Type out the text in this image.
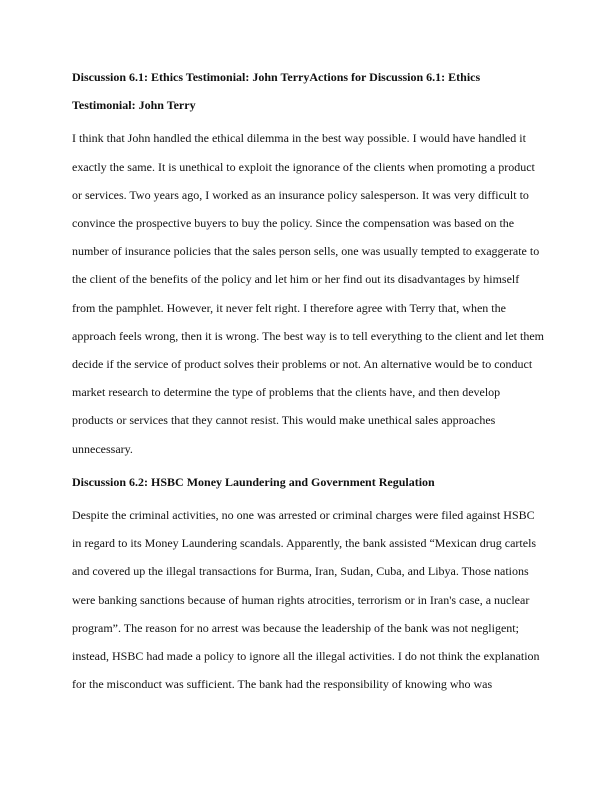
Discussion 6.1: Ethics Testimonial: John TerryActions for Discussion 6.1: Ethics Testimonial: John Terry

I think that John handled the ethical dilemma in the best way possible. I would have handled it exactly the same. It is unethical to exploit the ignorance of the clients when promoting a product or services. Two years ago, I worked as an insurance policy salesperson. It was very difficult to convince the prospective buyers to buy the policy. Since the compensation was based on the number of insurance policies that the sales person sells, one was usually tempted to exaggerate to the client of the benefits of the policy and let him or her find out its disadvantages by himself from the pamphlet. However, it never felt right. I therefore agree with Terry that, when the approach feels wrong, then it is wrong. The best way is to tell everything to the client and let them decide if the service of product solves their problems or not. An alternative would be to conduct market research to determine the type of problems that the clients have, and then develop products or services that they cannot resist. This would make unethical sales approaches unnecessary.

Discussion 6.2: HSBC Money Laundering and Government Regulation

Despite the criminal activities, no one was arrested or criminal charges were filed against HSBC in regard to its Money Laundering scandals. Apparently, the bank assisted “Mexican drug cartels and covered up the illegal transactions for Burma, Iran, Sudan, Cuba, and Libya. Those nations were banking sanctions because of human rights atrocities, terrorism or in Iran's case, a nuclear program”. The reason for no arrest was because the leadership of the bank was not negligent; instead, HSBC had made a policy to ignore all the illegal activities. I do not think the explanation for the misconduct was sufficient. The bank had the responsibility of knowing who was
